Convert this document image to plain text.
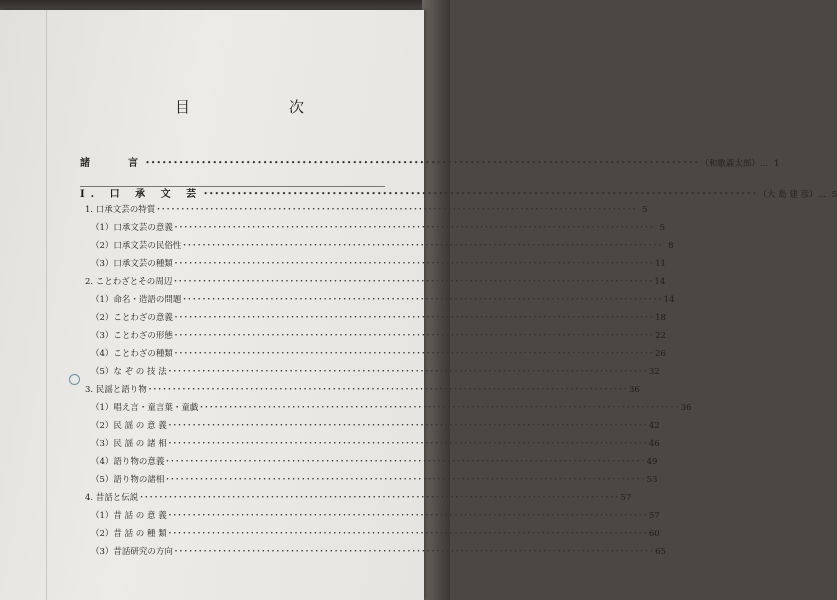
目　次
諸　　言 ･･･････････････････････････････････････････････････････････････････････････････････････････････････ （和歌森太郎）… 1
Ⅰ. 口 承 文 芸 ･･･････････････････････････････････････････････････････････････････････････････････････････････････ （大 島 建 彦）… 5
1. 口承文芸の特質 ･･･････････････････････････････････････････････････････････････････････････････････････････････････ 5
（1）口承文芸の意義 ･･･････････････････････････････････････････････････････････････････････････････････････････････････ 5
（2）口承文芸の民俗性 ･･･････････････････････････････････････････････････････････････････････････････････････････････････ 8
（3）口承文芸の種類 ･･･････････････････････････････････････････････････････････････････････････････････････････････････ 11
2. ことわざとその周辺 ･･･････････････････････････････････････････････････････････････････････････････････････････････････ 14
（1）命名・造語の問題 ･･･････････････････････････････････････････････････････････････････････････････････････････････････ 14
（2）ことわざの意義 ･･･････････････････････････････････････････････････････････････････････････････････････････････････ 18
（3）ことわざの形態 ･･･････････････････････････････････････････････････････････････････････････････････････････････････ 22
（4）ことわざの種類 ･･･････････････････････････････････････････････････････････････････････････････････････････････････ 26
（5）な ぞ の 技 法 ･･･････････････････････････････････････････････････････････････････････････････････････････････････ 32
3. 民謡と語り物 ･･･････････････････････････････････････････････････････････････････････････････････････････････････ 36
（1）唱え言・童言葉・童戯 ･･･････････････････････････････････････････････････････････････････････････････････････････････････ 36
（2）民 謡 の 意 義 ･･･････････････････････････････････････････････････････････････････････････････････････････････････ 42
（3）民 謡 の 諸 相 ･･･････････････････････････････････････････････････････････････････････････････････････････････････ 46
（4）語り物の意義 ･･･････････････････････････････････････････････････････････････････････････････････････････････････ 49
（5）語り物の諸相 ･･･････････････････････････････････････････････････････････････････････････････････････････････････ 53
4. 昔話と伝説 ･･･････････････････････････････････････････････････････････････････････････････････････････････････ 57
（1）昔 話 の 意 義 ･･･････････････････････････････････････････････････････････････････････････････････････････････････ 57
（2）昔 話 の 種 類 ･･･････････････････････････････････････････････････････････････････････････････････････････････････ 60
（3）昔話研究の方向 ･･･････････････････････････････････････････････････････････････････････････････････････････････････ 65
